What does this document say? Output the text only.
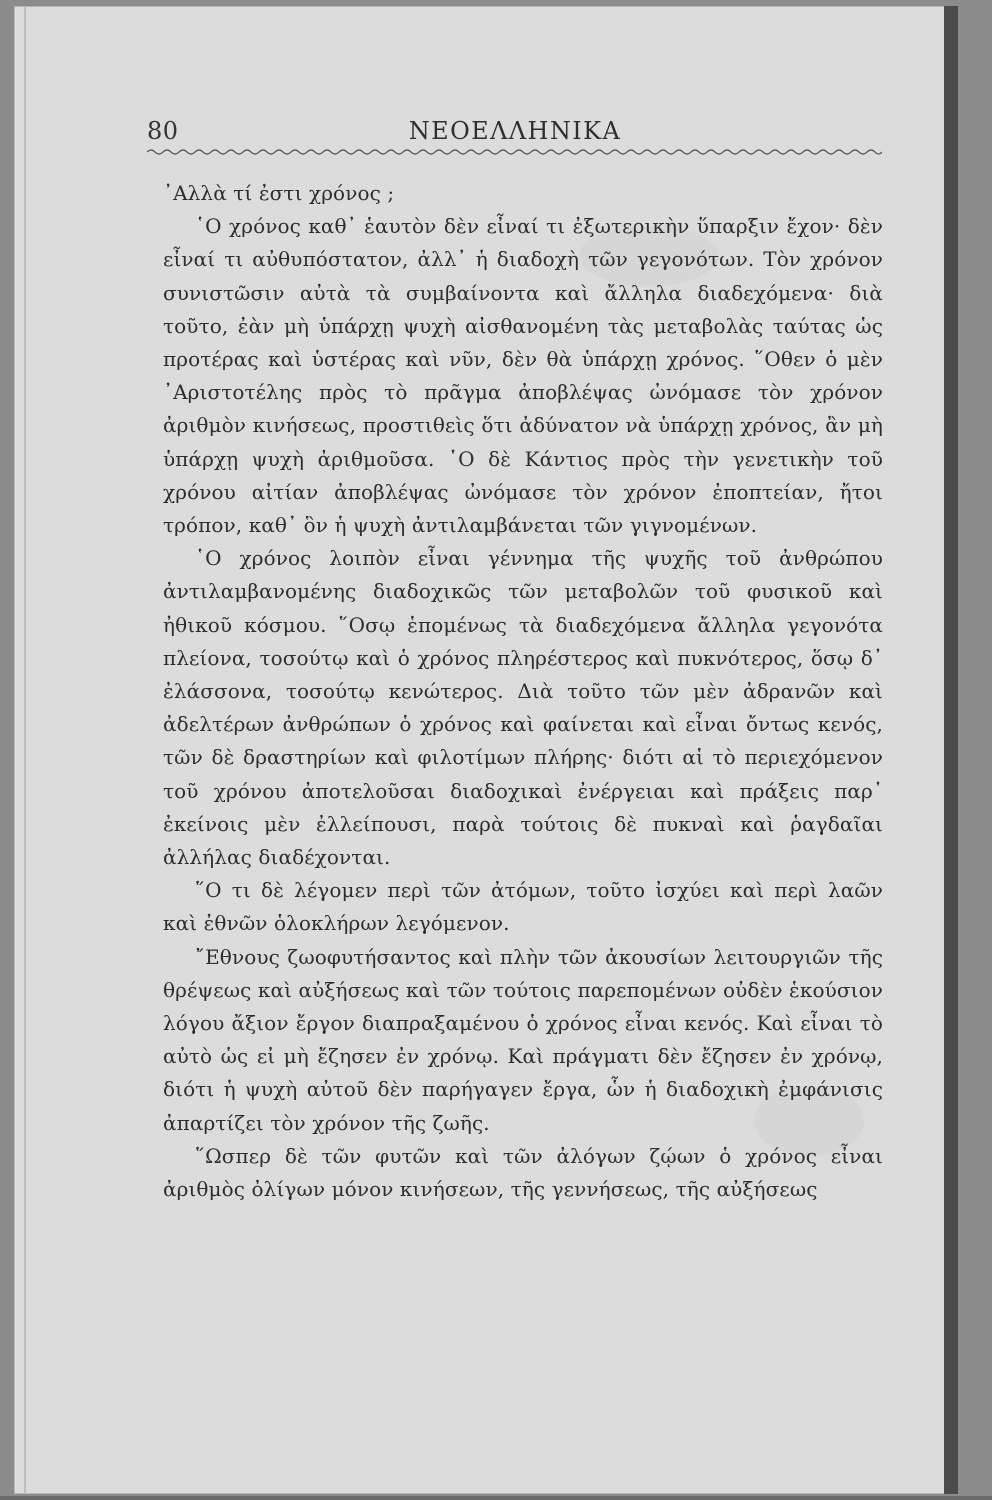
80	ΝΕΟΕΛΛΗΝΙΚΑ

᾿Αλλὰ τί ἐστι χρόνος ;

῾Ο χρόνος καθ᾿ ἑαυτὸν δὲν εἶναί τι ἐξωτερικὴν ὕπαρξιν ἔχον· δὲν εἶναί τι αὐθυπόστατον, ἀλλ᾿ ἡ διαδοχὴ τῶν γεγονότων. Τὸν χρόνον συνιστῶσιν αὐτὰ τὰ συμβαίνοντα καὶ ἄλληλα διαδεχόμενα· διὰ τοῦτο, ἐὰν μὴ ὑπάρχῃ ψυχὴ αἰσθανομένη τὰς μεταβολὰς ταύτας ὡς προτέρας καὶ ὑστέρας καὶ νῦν, δὲν θὰ ὑπάρχῃ χρόνος. ῞Οθεν ὁ μὲν ᾿Αριστοτέλης πρὸς τὸ πρᾶγμα ἀποβλέψας ὠνόμασε τὸν χρόνον ἀριθμὸν κινήσεως, προστιθεὶς ὅτι ἀδύνατον νὰ ὑπάρχῃ χρόνος, ἂν μὴ ὑπάρχῃ ψυχὴ ἀριθμοῦσα. ῾Ο δὲ Κάντιος πρὸς τὴν γενετικὴν τοῦ χρόνου αἰτίαν ἀποβλέψας ὠνόμασε τὸν χρόνον ἐποπτείαν, ἤτοι τρόπον, καθ᾿ ὃν ἡ ψυχὴ ἀντιλαμβάνεται τῶν γιγνομένων.

῾Ο χρόνος λοιπὸν εἶναι γέννημα τῆς ψυχῆς τοῦ ἀνθρώπου ἀντιλαμβανομένης διαδοχικῶς τῶν μεταβολῶν τοῦ φυσικοῦ καὶ ἠθικοῦ κόσμου. ῞Οσῳ ἑπομένως τὰ διαδεχόμενα ἄλληλα γεγονότα πλείονα, τοσούτῳ καὶ ὁ χρόνος πληρέστερος καὶ πυκνότερος, ὅσῳ δ᾿ ἐλάσσονα, τοσούτῳ κενώτερος. Διὰ τοῦτο τῶν μὲν ἀδρανῶν καὶ ἀδελτέρων ἀνθρώπων ὁ χρόνος καὶ φαίνεται καὶ εἶναι ὄντως κενός, τῶν δὲ δραστηρίων καὶ φιλοτίμων πλήρης· διότι αἱ τὸ περιεχόμενον τοῦ χρόνου ἀποτελοῦσαι διαδοχικαὶ ἐνέργειαι καὶ πράξεις παρ᾿ ἐκείνοις μὲν ἐλλείπουσι, παρὰ τούτοις δὲ πυκναὶ καὶ ῥαγδαῖαι ἀλλήλας διαδέχονται.

῞Ο τι δὲ λέγομεν περὶ τῶν ἀτόμων, τοῦτο ἰσχύει καὶ περὶ λαῶν καὶ ἐθνῶν ὁλοκλήρων λεγόμενον.

῎Εθνους ζωοφυτήσαντος καὶ πλὴν τῶν ἀκουσίων λειτουργιῶν τῆς θρέψεως καὶ αὐξήσεως καὶ τῶν τούτοις παρεπομένων οὐδὲν ἑκούσιον λόγου ἄξιον ἔργον διαπραξαμένου ὁ χρόνος εἶναι κενός. Καὶ εἶναι τὸ αὐτὸ ὡς εἰ μὴ ἔζησεν ἐν χρόνῳ. Καὶ πράγματι δὲν ἔζησεν ἐν χρόνῳ, διότι ἡ ψυχὴ αὐτοῦ δὲν παρήγαγεν ἔργα, ὧν ἡ διαδοχικὴ ἐμφάνισις ἀπαρτίζει τὸν χρόνον τῆς ζωῆς.

῞Ωσπερ δὲ τῶν φυτῶν καὶ τῶν ἀλόγων ζῴων ὁ χρόνος εἶναι ἀριθμὸς ὀλίγων μόνον κινήσεων, τῆς γεννήσεως, τῆς αὐξήσεως
